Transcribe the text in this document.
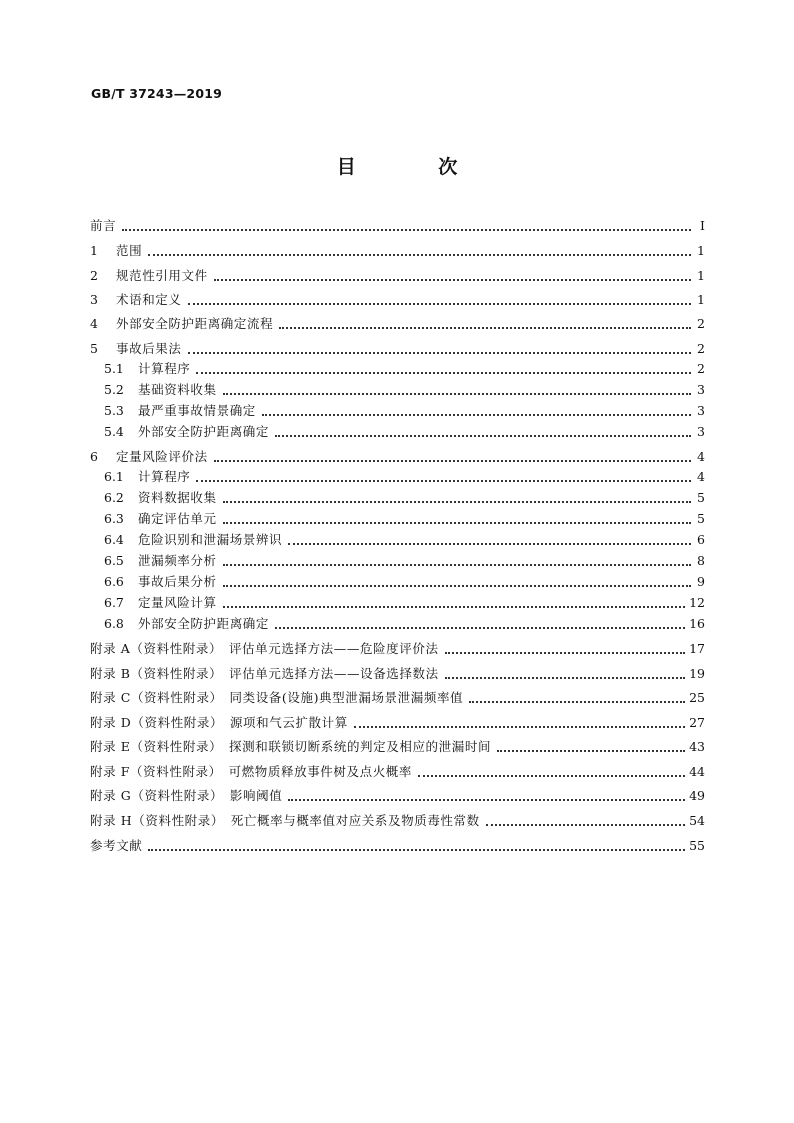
GB/T 37243—2019
目 次
前言	Ⅰ
1	范围	1
2	规范性引用文件	1
3	术语和定义	1
4	外部安全防护距离确定流程	2
5	事故后果法	2
5.1	计算程序	2
5.2	基础资料收集	3
5.3	最严重事故情景确定	3
5.4	外部安全防护距离确定	3
6	定量风险评价法	4
6.1	计算程序	4
6.2	资料数据收集	5
6.3	确定评估单元	5
6.4	危险识别和泄漏场景辨识	6
6.5	泄漏频率分析	8
6.6	事故后果分析	9
6.7	定量风险计算	12
6.8	外部安全防护距离确定	16
附录 A（资料性附录）　评估单元选择方法——危险度评价法	17
附录 B（资料性附录）　评估单元选择方法——设备选择数法	19
附录 C（资料性附录）　同类设备(设施)典型泄漏场景泄漏频率值	25
附录 D（资料性附录）　源项和气云扩散计算	27
附录 E（资料性附录）　探测和联锁切断系统的判定及相应的泄漏时间	43
附录 F（资料性附录）　可燃物质释放事件树及点火概率	44
附录 G（资料性附录）　影响阈值	49
附录 H（资料性附录）　死亡概率与概率值对应关系及物质毒性常数	54
参考文献	55
